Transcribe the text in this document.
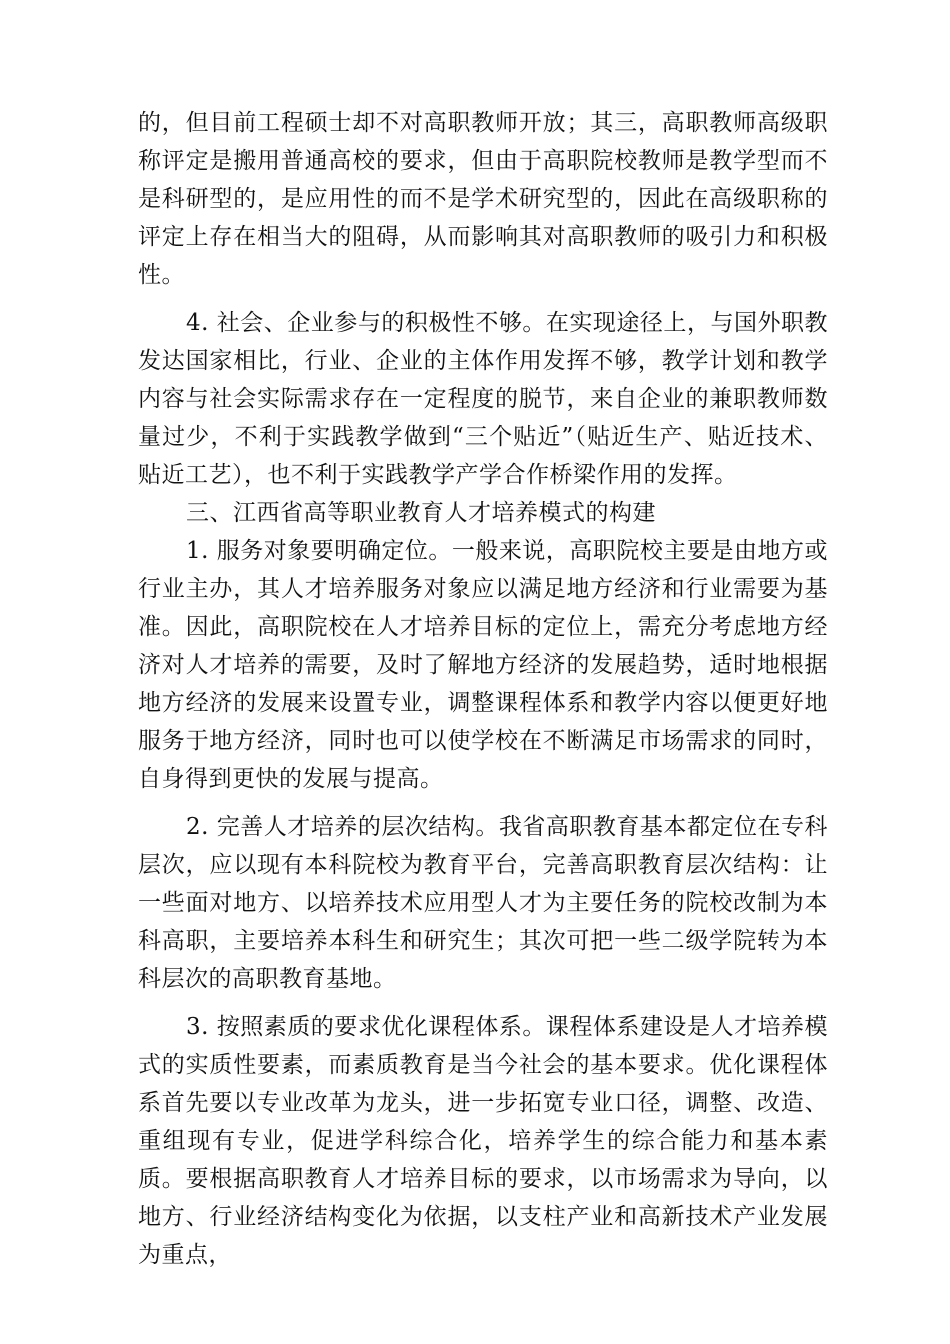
的，但目前工程硕士却不对高职教师开放；其三，高职教师高级职称评定是搬用普通高校的要求，但由于高职院校教师是教学型而不是科研型的，是应用性的而不是学术研究型的，因此在高级职称的评定上存在相当大的阻碍，从而影响其对高职教师的吸引力和积极性。

4. 社会、企业参与的积极性不够。在实现途径上，与国外职教发达国家相比，行业、企业的主体作用发挥不够，教学计划和教学内容与社会实际需求存在一定程度的脱节，来自企业的兼职教师数量过少，不利于实践教学做到“三个贴近”（贴近生产、贴近技术、贴近工艺），也不利于实践教学产学合作桥梁作用的发挥。

三、江西省高等职业教育人才培养模式的构建

1. 服务对象要明确定位。一般来说，高职院校主要是由地方或行业主办，其人才培养服务对象应以满足地方经济和行业需要为基准。因此，高职院校在人才培养目标的定位上，需充分考虑地方经济对人才培养的需要，及时了解地方经济的发展趋势，适时地根据地方经济的发展来设置专业，调整课程体系和教学内容以便更好地服务于地方经济，同时也可以使学校在不断满足市场需求的同时，自身得到更快的发展与提高。

2. 完善人才培养的层次结构。我省高职教育基本都定位在专科层次，应以现有本科院校为教育平台，完善高职教育层次结构：让一些面对地方、以培养技术应用型人才为主要任务的院校改制为本科高职，主要培养本科生和研究生；其次可把一些二级学院转为本科层次的高职教育基地。

3. 按照素质的要求优化课程体系。课程体系建设是人才培养模式的实质性要素，而素质教育是当今社会的基本要求。优化课程体系首先要以专业改革为龙头，进一步拓宽专业口径，调整、改造、重组现有专业，促进学科综合化，培养学生的综合能力和基本素质。要根据高职教育人才培养目标的要求，以市场需求为导向，以地方、行业经济结构变化为依据，以支柱产业和高新技术产业发展为重点，
